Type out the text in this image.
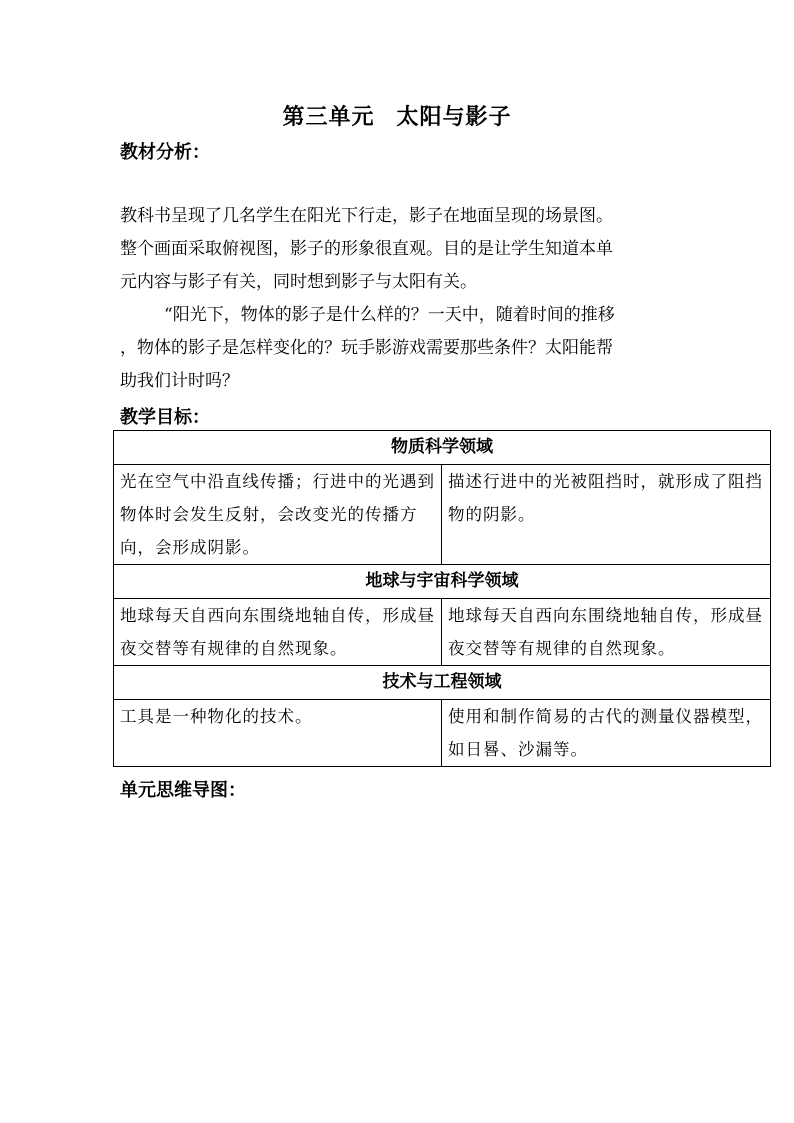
第三单元 太阳与影子
教材分析：

教科书呈现了几名学生在阳光下行走，影子在地面呈现的场景图。

整个画面采取俯视图，影子的形象很直观。目的是让学生知道本单

元内容与影子有关，同时想到影子与太阳有关。

“阳光下，物体的影子是什么样的？一天中，随着时间的推移

，物体的影子是怎样变化的？玩手影游戏需要那些条件？太阳能帮

助我们计时吗？

教学目标：
物质科学领域	
光在空气中沿直线传播；行进中的光遇到物体时会发生反射，会改变光的传播方向，会形成阴影。	描述行进中的光被阻挡时，就形成了阻挡物的阴影。
地球与宇宙科学领域	
地球每天自西向东围绕地轴自传，形成昼夜交替等有规律的自然现象。	地球每天自西向东围绕地轴自传，形成昼夜交替等有规律的自然现象。
技术与工程领域	
工具是一种物化的技术。	使用和制作简易的古代的测量仪器模型，如日晷、沙漏等。
单元思维导图：
